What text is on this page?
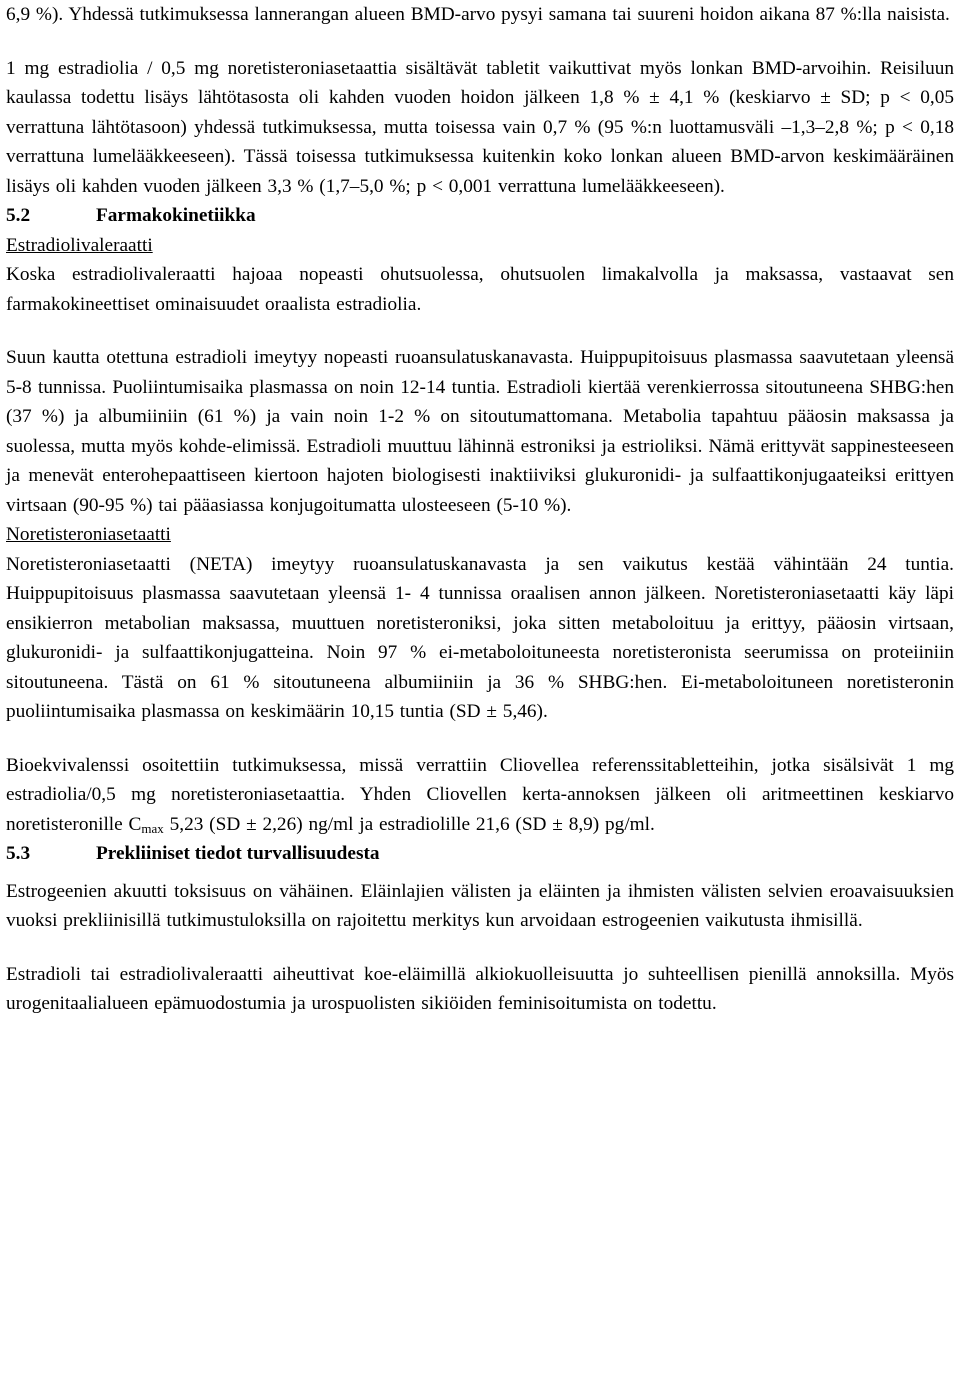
6,9 %). Yhdessä tutkimuksessa lannerangan alueen BMD-arvo pysyi samana tai suureni hoidon aikana 87 %:lla naisista.

1 mg estradiolia / 0,5 mg noretisteroniasetaattia sisältävät tabletit vaikuttivat myös lonkan BMD-arvoihin. Reisiluun kaulassa todettu lisäys lähtötasosta oli kahden vuoden hoidon jälkeen 1,8 % ± 4,1 % (keskiarvo ± SD; p < 0,05 verrattuna lähtötasoon) yhdessä tutkimuksessa, mutta toisessa vain 0,7 % (95 %:n luottamusväli –1,3–2,8 %; p < 0,18 verrattuna lumelääkkeeseen). Tässä toisessa tutkimuksessa kuitenkin koko lonkan alueen BMD-arvon keskimääräinen lisäys oli kahden vuoden jälkeen 3,3 % (1,7–5,0 %; p < 0,001 verrattuna lumelääkkeeseen).

5.2	Farmakokinetiikka

Estradiolivaleraatti

Koska estradiolivaleraatti hajoaa nopeasti ohutsuolessa, ohutsuolen limakalvolla ja maksassa, vastaavat sen farmakokineettiset ominaisuudet oraalista estradiolia.

Suun kautta otettuna estradioli imeytyy nopeasti ruoansulatuskanavasta. Huippupitoisuus plasmassa saavutetaan yleensä 5-8 tunnissa. Puoliintumisaika plasmassa on noin 12-14 tuntia. Estradioli kiertää verenkierrossa sitoutuneena SHBG:hen (37 %) ja albumiiniin (61 %) ja vain noin 1-2 % on sitoutumattomana. Metabolia tapahtuu pääosin maksassa ja suolessa, mutta myös kohde-elimissä. Estradioli muuttuu lähinnä estroniksi ja estrioliksi. Nämä erittyvät sappinesteeseen ja menevät enterohepaattiseen kiertoon hajoten biologisesti inaktiiviksi glukuronidi- ja sulfaattikonjugaateiksi erittyen virtsaan (90-95 %) tai pääasiassa konjugoitumatta ulosteeseen (5-10 %).

Noretisteroniasetaatti

Noretisteroniasetaatti (NETA) imeytyy ruoansulatuskanavasta ja sen vaikutus kestää vähintään 24 tuntia. Huippupitoisuus plasmassa saavutetaan yleensä 1- 4 tunnissa oraalisen annon jälkeen. Noretisteroniasetaatti käy läpi ensikierron metabolian maksassa, muuttuen noretisteroniksi, joka sitten metaboloituu ja erittyy, pääosin virtsaan, glukuronidi- ja sulfaattikonjugatteina. Noin 97 % ei-metaboloituneesta noretisteronista seerumissa on proteiiniin sitoutuneena. Tästä on 61 % sitoutuneena albumiiniin ja 36 % SHBG:hen. Ei-metaboloituneen noretisteronin puoliintumisaika plasmassa on keskimäärin 10,15 tuntia (SD ± 5,46).

Bioekvivalenssi osoitettiin tutkimuksessa, missä verrattiin Cliovellea referenssitabletteihin, jotka sisälsivät 1 mg estradiolia/0,5 mg noretisteroniasetaattia. Yhden Cliovellen kerta-annoksen jälkeen oli aritmeettinen keskiarvo noretisteronille $C_{max}$ 5,23 (SD ± 2,26) ng/ml ja estradiolille 21,6 (SD ± 8,9) pg/ml.

5.3	Prekliiniset tiedot turvallisuudesta

Estrogeenien akuutti toksisuus on vähäinen. Eläinlajien välisten ja eläinten ja ihmisten välisten selvien eroavaisuuksien vuoksi prekliinisillä tutkimustuloksilla on rajoitettu merkitys kun arvoidaan estrogeenien vaikutusta ihmisillä.

Estradioli tai estradiolivaleraatti aiheuttivat koe-eläimillä alkiokuolleisuutta jo suhteellisen pienillä annoksilla. Myös urogenitaalialueen epämuodostumia ja urospuolisten sikiöiden feminisoitumista on todettu.
